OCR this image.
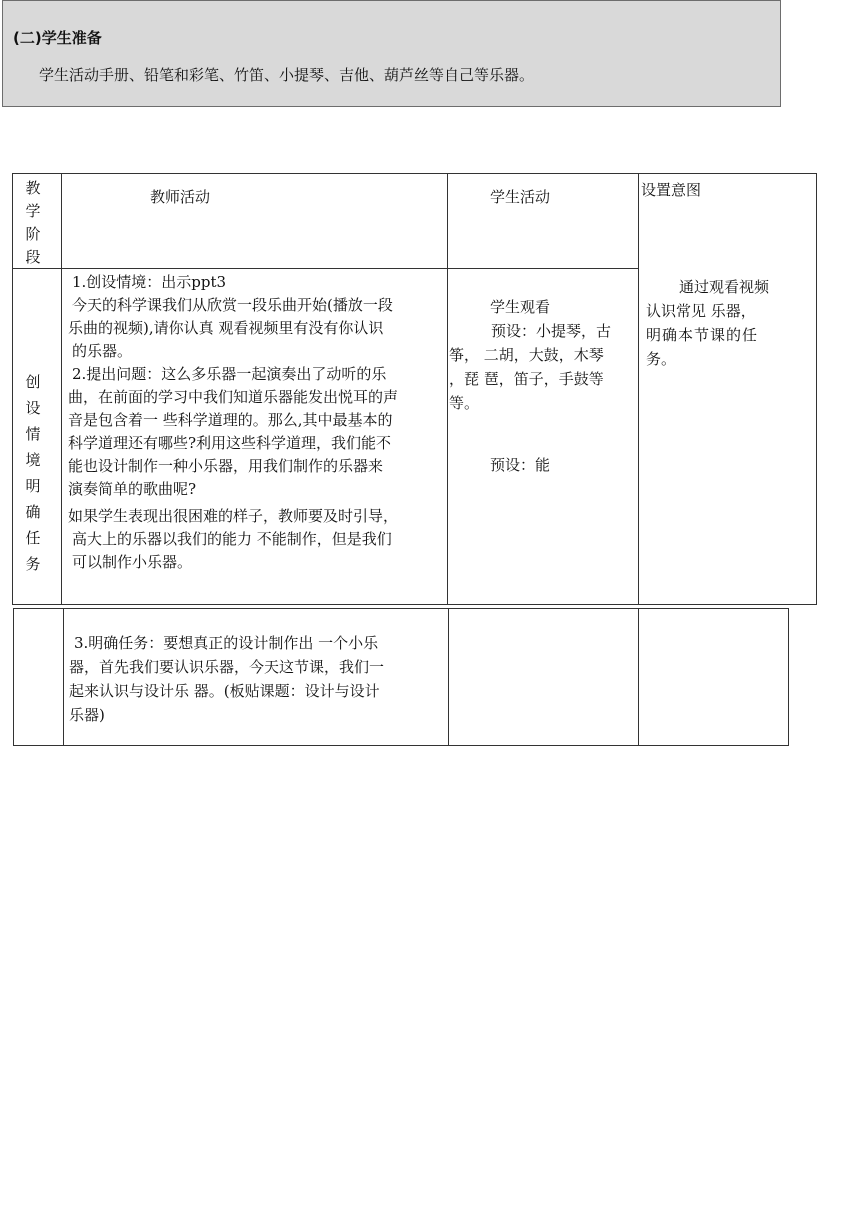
(二)学生准备
学生活动手册、铅笔和彩笔、竹笛、小提琴、吉他、葫芦丝等自己等乐器。
教
学
阶
段
教师活动	学生活动	设置意图
创
设
情
境
明
确
任
务
1.创设情境：出示ppt3
今天的科学课我们从欣赏一段乐曲开始(播放一段
乐曲的视频),请你认真 观看视频里有没有你认识
的乐器。
2.提出问题：这么多乐器一起演奏出了动听的乐
曲，在前面的学习中我们知道乐器能发出悦耳的声
音是包含着一 些科学道理的。那么,其中最基本的
科学道理还有哪些?利用这些科学道理，我们能不
能也设计制作一种小乐器，用我们制作的乐器来
演奏简单的歌曲呢?
如果学生表现出很困难的样子，教师要及时引导，
高大上的乐器以我们的能力 不能制作，但是我们
可以制作小乐器。
学生观看
预设：小提琴，古
筝， 二胡，大鼓，木琴
，琵 琶，笛子，手鼓等
等。
预设：能
通过观看视频
认识常见 乐器，
明确本节课的任
务。
3.明确任务：要想真正的设计制作出 一个小乐
器，首先我们要认识乐器，今天这节课，我们一
起来认识与设计乐 器。(板贴课题：设计与设计
乐器)
